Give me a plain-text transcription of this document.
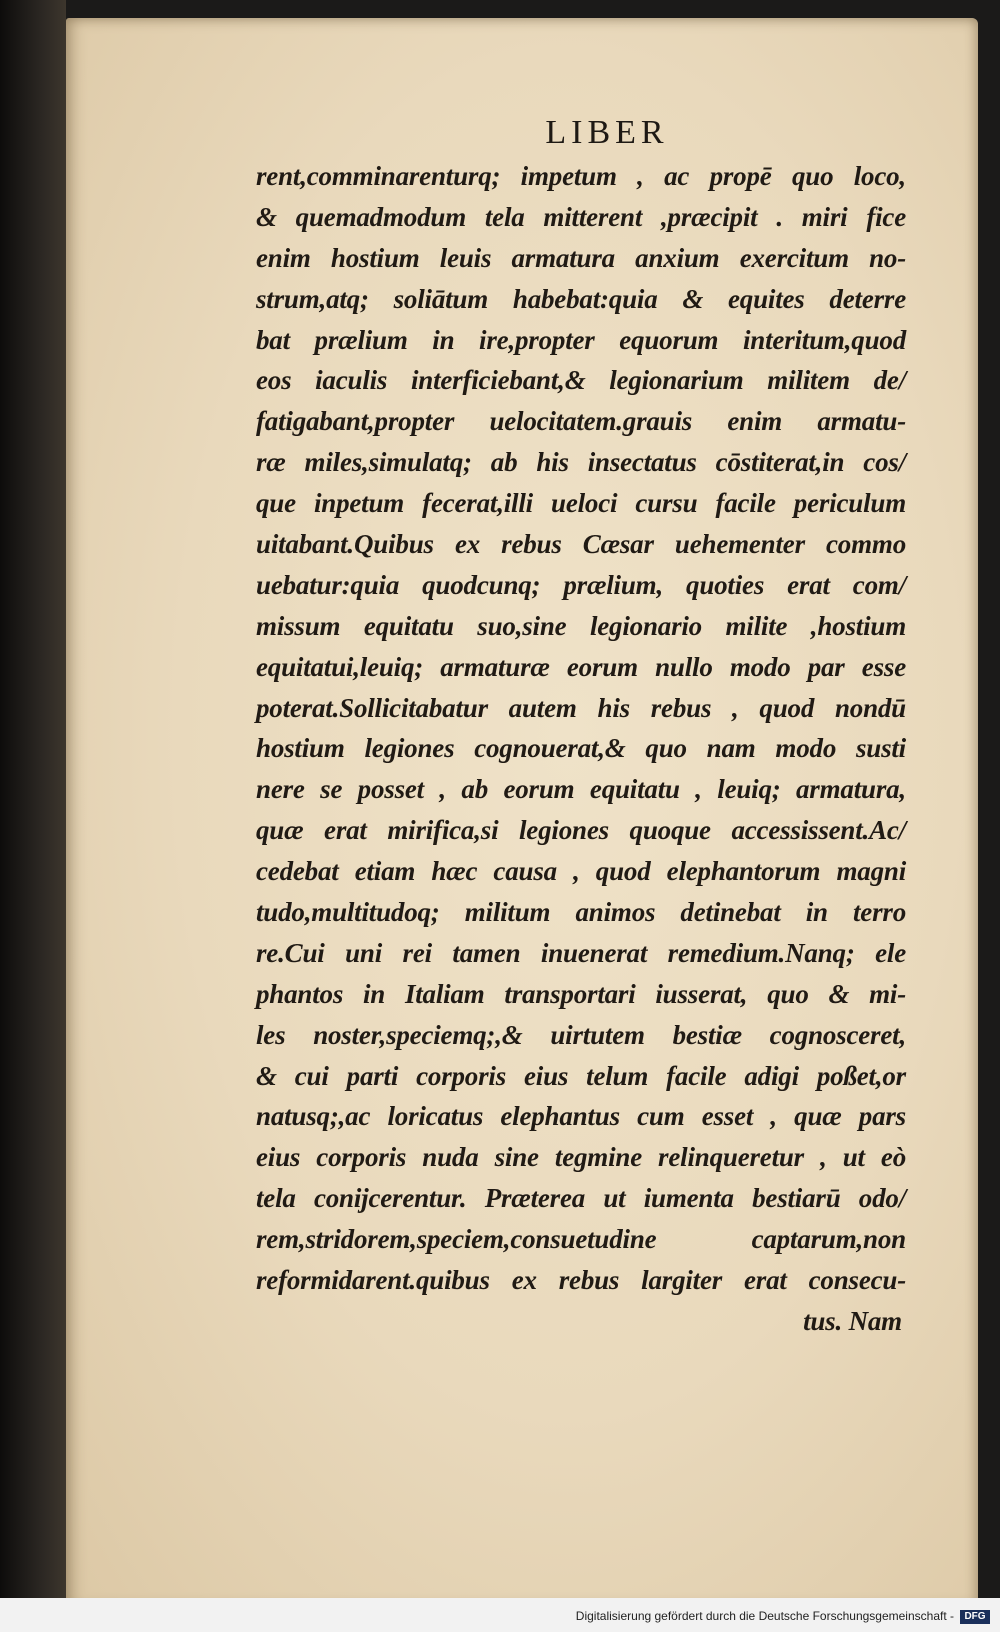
LIBER
rent,comminarenturq; impetum , ac propē quo loco,
& quemadmodum tela mitterent ,præcipit . miri fice
enim hostium leuis armatura anxium exercitum no-
strum,atq; soliātum habebat:quia & equites deterre
bat prælium in ire,propter equorum interitum,quod
eos iaculis interficiebant,& legionarium militem de/
fatigabant,propter uelocitatem.grauis enim armatu-
ræ miles,simulatq; ab his insectatus cōstiterat,in cos/
que inpetum fecerat,illi ueloci cursu facile periculum
uitabant.Quibus ex rebus Cæsar uehementer commo
uebatur:quia quodcunq; prælium, quoties erat com/
missum equitatu suo,sine legionario milite ,hostium
equitatui,leuiq; armaturæ eorum nullo modo par esse
poterat.Sollicitabatur autem his rebus , quod nondū
hostium legiones cognouerat,& quo nam modo susti
nere se posset , ab eorum equitatu , leuiq; armatura,
quæ erat mirifica,si legiones quoque accessissent.Ac/
cedebat etiam hæc causa , quod elephantorum magni
tudo,multitudoq; militum animos detinebat in terro
re.Cui uni rei tamen inuenerat remedium.Nanq; ele
phantos in Italiam transportari iusserat, quo & mi-
les noster,speciemq;,& uirtutem bestiæ cognosceret,
& cui parti corporis eius telum facile adigi poßet,or
natusq;,ac loricatus elephantus cum esset , quæ pars
eius corporis nuda sine tegmine relinqueretur , ut eò
tela conijcerentur. Præterea ut iumenta bestiarū odo/
rem,stridorem,speciem,consuetudine captarum,non
reformidarent.quibus ex rebus largiter erat consecu-
tus. Nam
Digitalisierung gefördert durch die Deutsche Forschungsgemeinschaft -	DFG
